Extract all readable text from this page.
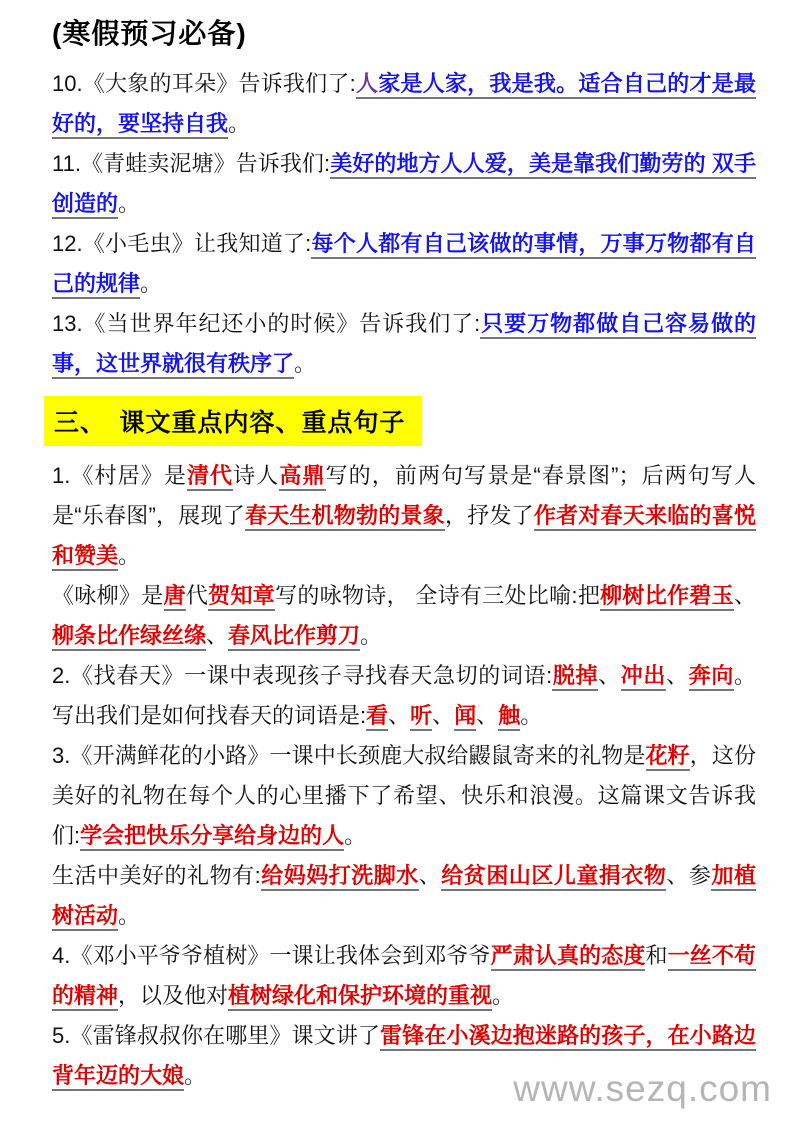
(寒假预习必备)

10.《大象的耳朵》告诉我们了:人家是人家，我是我。适合自己的才是最好的，要坚持自我。

11.《青蛙卖泥塘》告诉我们:美好的地方人人爱，美是靠我们勤劳的 双手创造的。

12.《小毛虫》让我知道了:每个人都有自己该做的事情，万事万物都有自己的规律。

13.《当世界年纪还小的时候》告诉我们了:只要万物都做自己容易做的事，这世界就很有秩序了。

三、　课文重点内容、重点句子

1.《村居》是清代诗人高鼎写的，前两句写景是“春景图”；后两句写人是“乐春图”，展现了春天生机物勃的景象，抒发了作者对春天来临的喜悦和赞美。

《咏柳》是唐代贺知章写的咏物诗， 全诗有三处比喻:把柳树比作碧玉、柳条比作绿丝绦、春风比作剪刀。

2.《找春天》一课中表现孩子寻找春天急切的词语:脱掉、冲出、奔向。写出我们是如何找春天的词语是:看、听、闻、触。

3.《开满鲜花的小路》一课中长颈鹿大叔给鼹鼠寄来的礼物是花籽，这份美好的礼物在每个人的心里播下了希望、快乐和浪漫。这篇课文告诉我们:学会把快乐分享给身边的人。

生活中美好的礼物有:给妈妈打洗脚水、给贫困山区儿童捐衣物、参加植树活动。

4.《邓小平爷爷植树》一课让我体会到邓爷爷严肃认真的态度和一丝不苟的精神，以及他对植树绿化和保护环境的重视。

5.《雷锋叔叔你在哪里》课文讲了雷锋在小溪边抱迷路的孩子，在小路边背年迈的大娘。	www.sezq.com
